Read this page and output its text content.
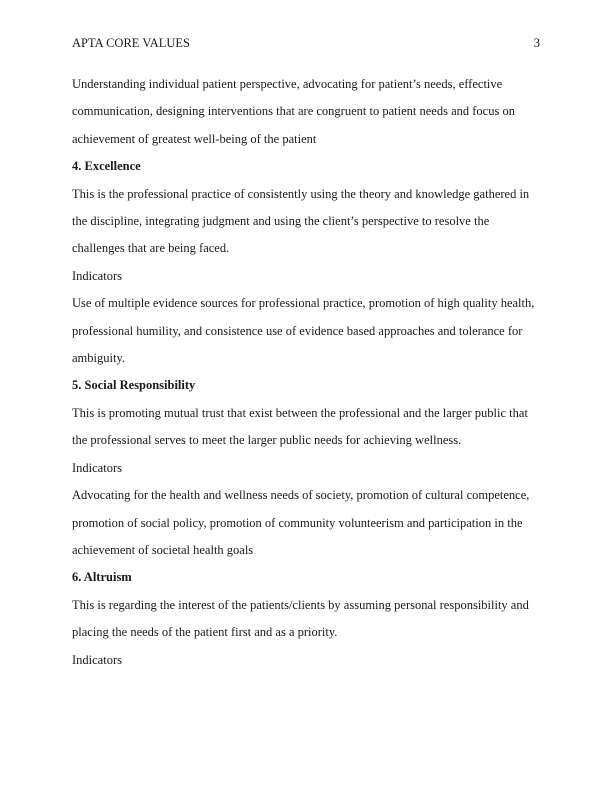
APTA CORE VALUES	3

Understanding individual patient perspective, advocating for patient’s needs, effective communication, designing interventions that are congruent to patient needs and focus on achievement of greatest well-being of the patient

4. Excellence

This is the professional practice of consistently using the theory and knowledge gathered in the discipline, integrating judgment and using the client’s perspective to resolve the challenges that are being faced.

Indicators

Use of multiple evidence sources for professional practice, promotion of high quality health, professional humility, and consistence use of evidence based approaches and tolerance for ambiguity.

5. Social Responsibility

This is promoting mutual trust that exist between the professional and the larger public that the professional serves to meet the larger public needs for achieving wellness.

Indicators

Advocating for the health and wellness needs of society, promotion of cultural competence, promotion of social policy, promotion of community volunteerism and participation in the achievement of societal health goals

6. Altruism

This is regarding the interest of the patients/clients by assuming personal responsibility and placing the needs of the patient first and as a priority.

Indicators
